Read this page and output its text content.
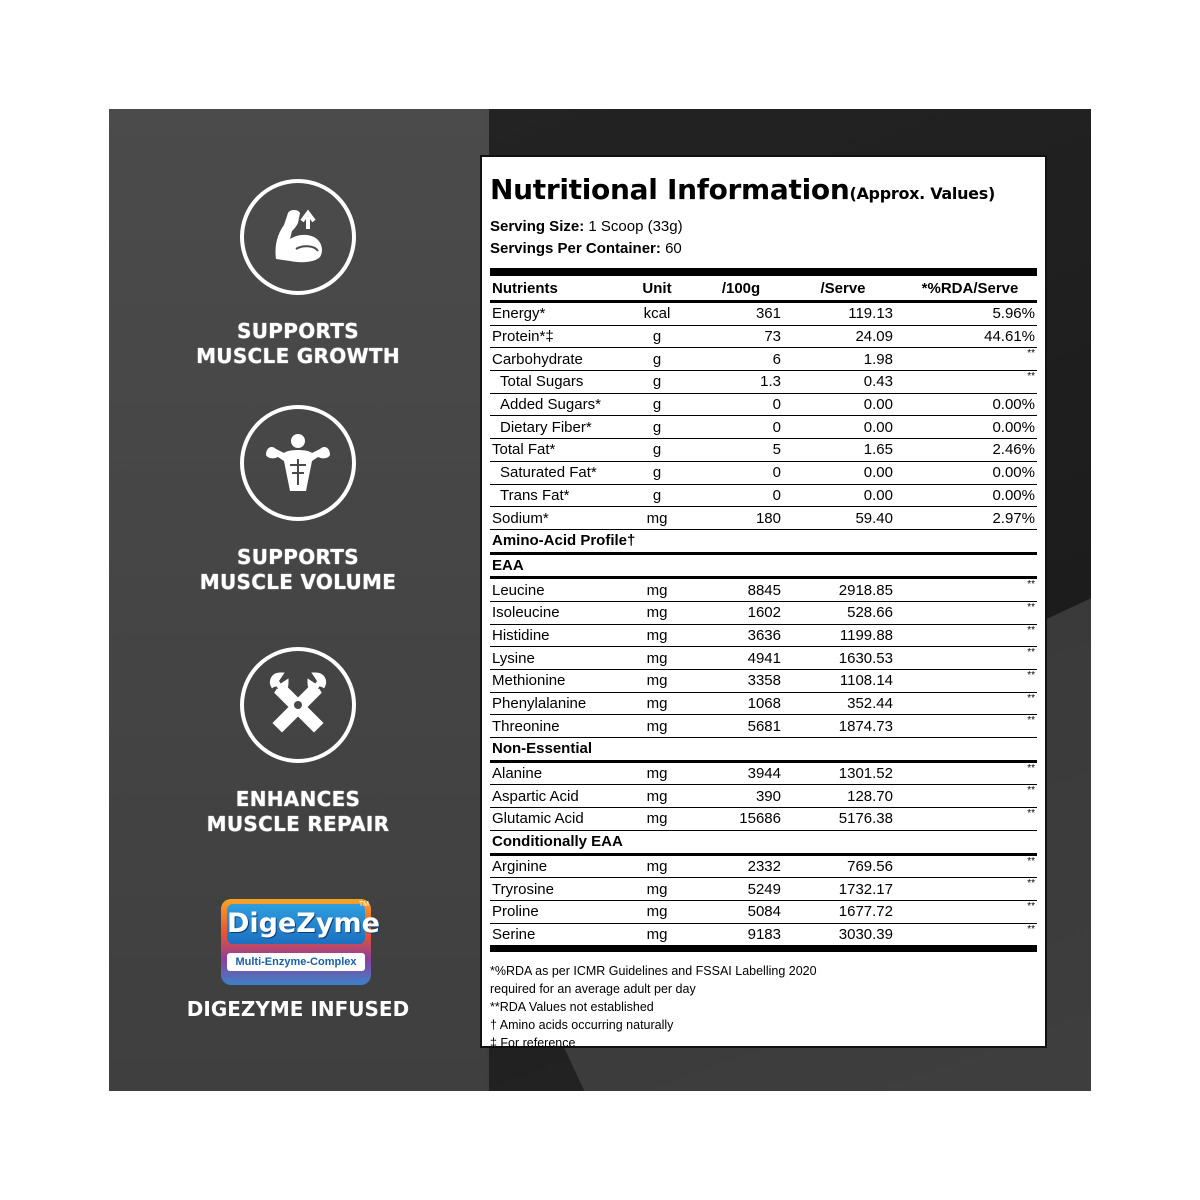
SUPPORTS
MUSCLE GROWTH
SUPPORTS
MUSCLE VOLUME
ENHANCES
MUSCLE REPAIR
DigeZyme
TM
Multi-Enzyme-Complex
DIGEZYME INFUSED
Nutritional Information(Approx. Values)
Serving Size: 1 Scoop (33g)
Servings Per Container: 60
Nutrients	Unit	/100g	/Serve	*%RDA/Serve
Energy*	kcal	361	119.13	5.96%
Protein*‡	g	73	24.09	44.61%
Carbohydrate	g	6	1.98	**
Total Sugars	g	1.3	0.43	**
Added Sugars*	g	0	0.00	0.00%
Dietary Fiber*	g	0	0.00	0.00%
Total Fat*	g	5	1.65	2.46%
Saturated Fat*	g	0	0.00	0.00%
Trans Fat*	g	0	0.00	0.00%
Sodium*	mg	180	59.40	2.97%
Amino-Acid Profile†				
EAA				
Leucine	mg	8845	2918.85	**
Isoleucine	mg	1602	528.66	**
Histidine	mg	3636	1199.88	**
Lysine	mg	4941	1630.53	**
Methionine	mg	3358	1108.14	**
Phenylalanine	mg	1068	352.44	**
Threonine	mg	5681	1874.73	**
Non-Essential				
Alanine	mg	3944	1301.52	**
Aspartic Acid	mg	390	128.70	**
Glutamic Acid	mg	15686	5176.38	**
Conditionally EAA				
Arginine	mg	2332	769.56	**
Tryrosine	mg	5249	1732.17	**
Proline	mg	5084	1677.72	**
Serine	mg	9183	3030.39	**
*%RDA as per ICMR Guidelines and FSSAI Labelling 2020
required for an average adult per day
**RDA Values not established
† Amino acids occurring naturally
‡ For reference
